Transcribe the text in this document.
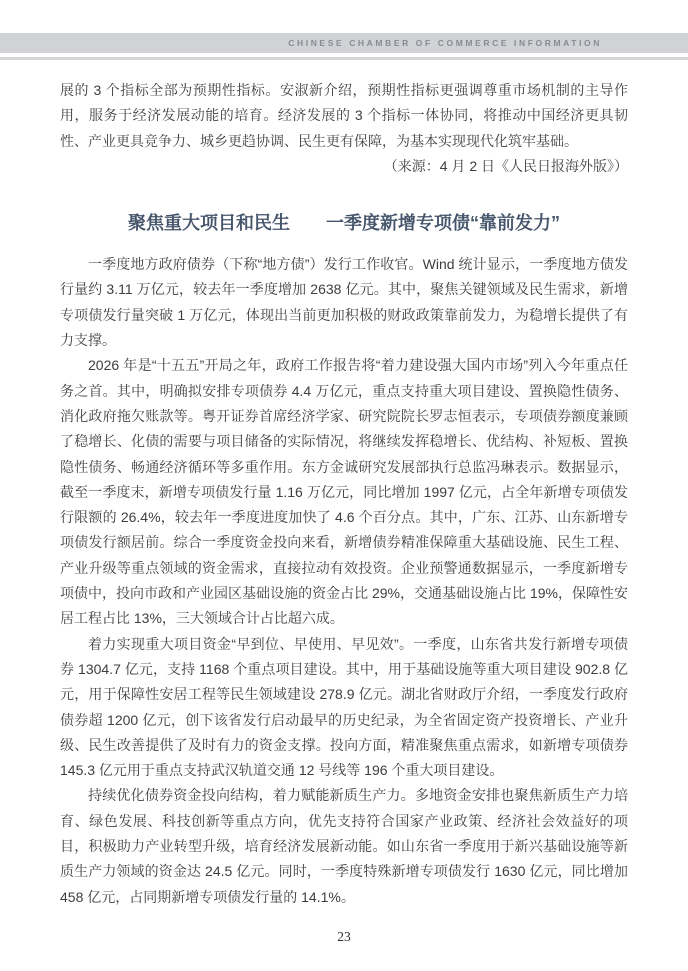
CHINESE CHAMBER OF COMMERCE INFORMATION

展的 3 个指标全部为预期性指标。安淑新介绍，预期性指标更强调尊重市场机制的主导作用，服务于经济发展动能的培育。经济发展的 3 个指标一体协同，将推动中国经济更具韧性、产业更具竞争力、城乡更趋协调、民生更有保障，为基本实现现代化筑牢基础。

（来源：4 月 2 日《人民日报海外版》）

聚焦重大项目和民生　　一季度新增专项债“靠前发力”

一季度地方政府债券（下称“地方债”）发行工作收官。Wind 统计显示，一季度地方债发行量约 3.11 万亿元，较去年一季度增加 2638 亿元。其中，聚焦关键领域及民生需求，新增专项债发行量突破 1 万亿元，体现出当前更加积极的财政政策靠前发力，为稳增长提供了有力支撑。

2026 年是“十五五”开局之年，政府工作报告将“着力建设强大国内市场”列入今年重点任务之首。其中，明确拟安排专项债券 4.4 万亿元，重点支持重大项目建设、置换隐性债务、消化政府拖欠账款等。粤开证券首席经济学家、研究院院长罗志恒表示，专项债券额度兼顾了稳增长、化债的需要与项目储备的实际情况，将继续发挥稳增长、优结构、补短板、置换隐性债务、畅通经济循环等多重作用。东方金诚研究发展部执行总监冯琳表示。数据显示，截至一季度末，新增专项债发行量 1.16 万亿元，同比增加 1997 亿元，占全年新增专项债发行限额的 26.4%，较去年一季度进度加快了 4.6 个百分点。其中，广东、江苏、山东新增专项债发行额居前。综合一季度资金投向来看，新增债券精准保障重大基础设施、民生工程、产业升级等重点领域的资金需求，直接拉动有效投资。企业预警通数据显示，一季度新增专项债中，投向市政和产业园区基础设施的资金占比 29%，交通基础设施占比 19%，保障性安居工程占比 13%，三大领域合计占比超六成。

着力实现重大项目资金“早到位、早使用、早见效”。一季度，山东省共发行新增专项债券 1304.7 亿元，支持 1168 个重点项目建设。其中，用于基础设施等重大项目建设 902.8 亿元，用于保障性安居工程等民生领域建设 278.9 亿元。湖北省财政厅介绍，一季度发行政府债券超 1200 亿元，创下该省发行启动最早的历史纪录，为全省固定资产投资增长、产业升级、民生改善提供了及时有力的资金支撑。投向方面，精准聚焦重点需求，如新增专项债券 145.3 亿元用于重点支持武汉轨道交通 12 号线等 196 个重大项目建设。

持续优化债券资金投向结构，着力赋能新质生产力。多地资金安排也聚焦新质生产力培育、绿色发展、科技创新等重点方向，优先支持符合国家产业政策、经济社会效益好的项目，积极助力产业转型升级，培育经济发展新动能。如山东省一季度用于新兴基础设施等新质生产力领域的资金达 24.5 亿元。同时，一季度特殊新增专项债发行 1630 亿元，同比增加 458 亿元，占同期新增专项债发行量的 14.1%。

23
